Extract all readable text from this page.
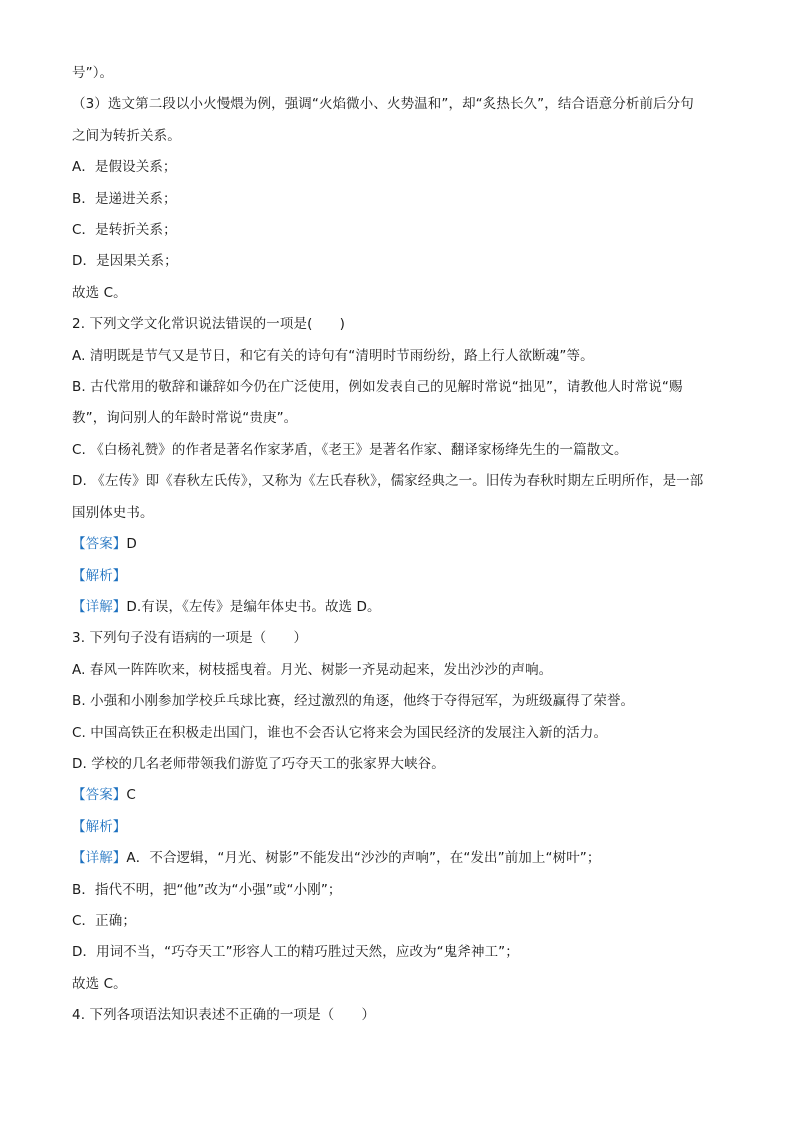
号”）。
（3）选文第二段以小火慢煨为例，强调“火焰微小、火势温和”，却“炙热长久”，结合语意分析前后分句
之间为转折关系。
A．是假设关系；
B．是递进关系；
C．是转折关系；
D．是因果关系；
故选 C。
2. 下列文学文化常识说法错误的一项是(　　)
A. 清明既是节气又是节日，和它有关的诗句有“清明时节雨纷纷，路上行人欲断魂”等。
B. 古代常用的敬辞和谦辞如今仍在广泛使用，例如发表自己的见解时常说“拙见”，请教他人时常说“赐
教”，询问别人的年龄时常说“贵庚”。
C. 《白杨礼赞》的作者是著名作家茅盾，《老王》是著名作家、翻译家杨绛先生的一篇散文。
D. 《左传》即《春秋左氏传》，又称为《左氏春秋》，儒家经典之一。旧传为春秋时期左丘明所作，是一部
国别体史书。
【答案】D
【解析】
【详解】D.有误，《左传》是编年体史书。故选 D。
3. 下列句子没有语病的一项是（　　）
A. 春风一阵阵吹来，树枝摇曳着。月光、树影一齐晃动起来，发出沙沙的声响。
B. 小强和小刚参加学校乒乓球比赛，经过激烈的角逐，他终于夺得冠军，为班级赢得了荣誉。
C. 中国高铁正在积极走出国门，谁也不会否认它将来会为国民经济的发展注入新的活力。
D. 学校的几名老师带领我们游览了巧夺天工的张家界大峡谷。
【答案】C
【解析】
【详解】A．不合逻辑，“月光、树影”不能发出“沙沙的声响”，在“发出”前加上“树叶”；
B．指代不明，把“他”改为“小强”或“小刚”；
C．正确；
D．用词不当，“巧夺天工”形容人工的精巧胜过天然，应改为“鬼斧神工”；
故选 C。
4. 下列各项语法知识表述不正确的一项是（　　）
